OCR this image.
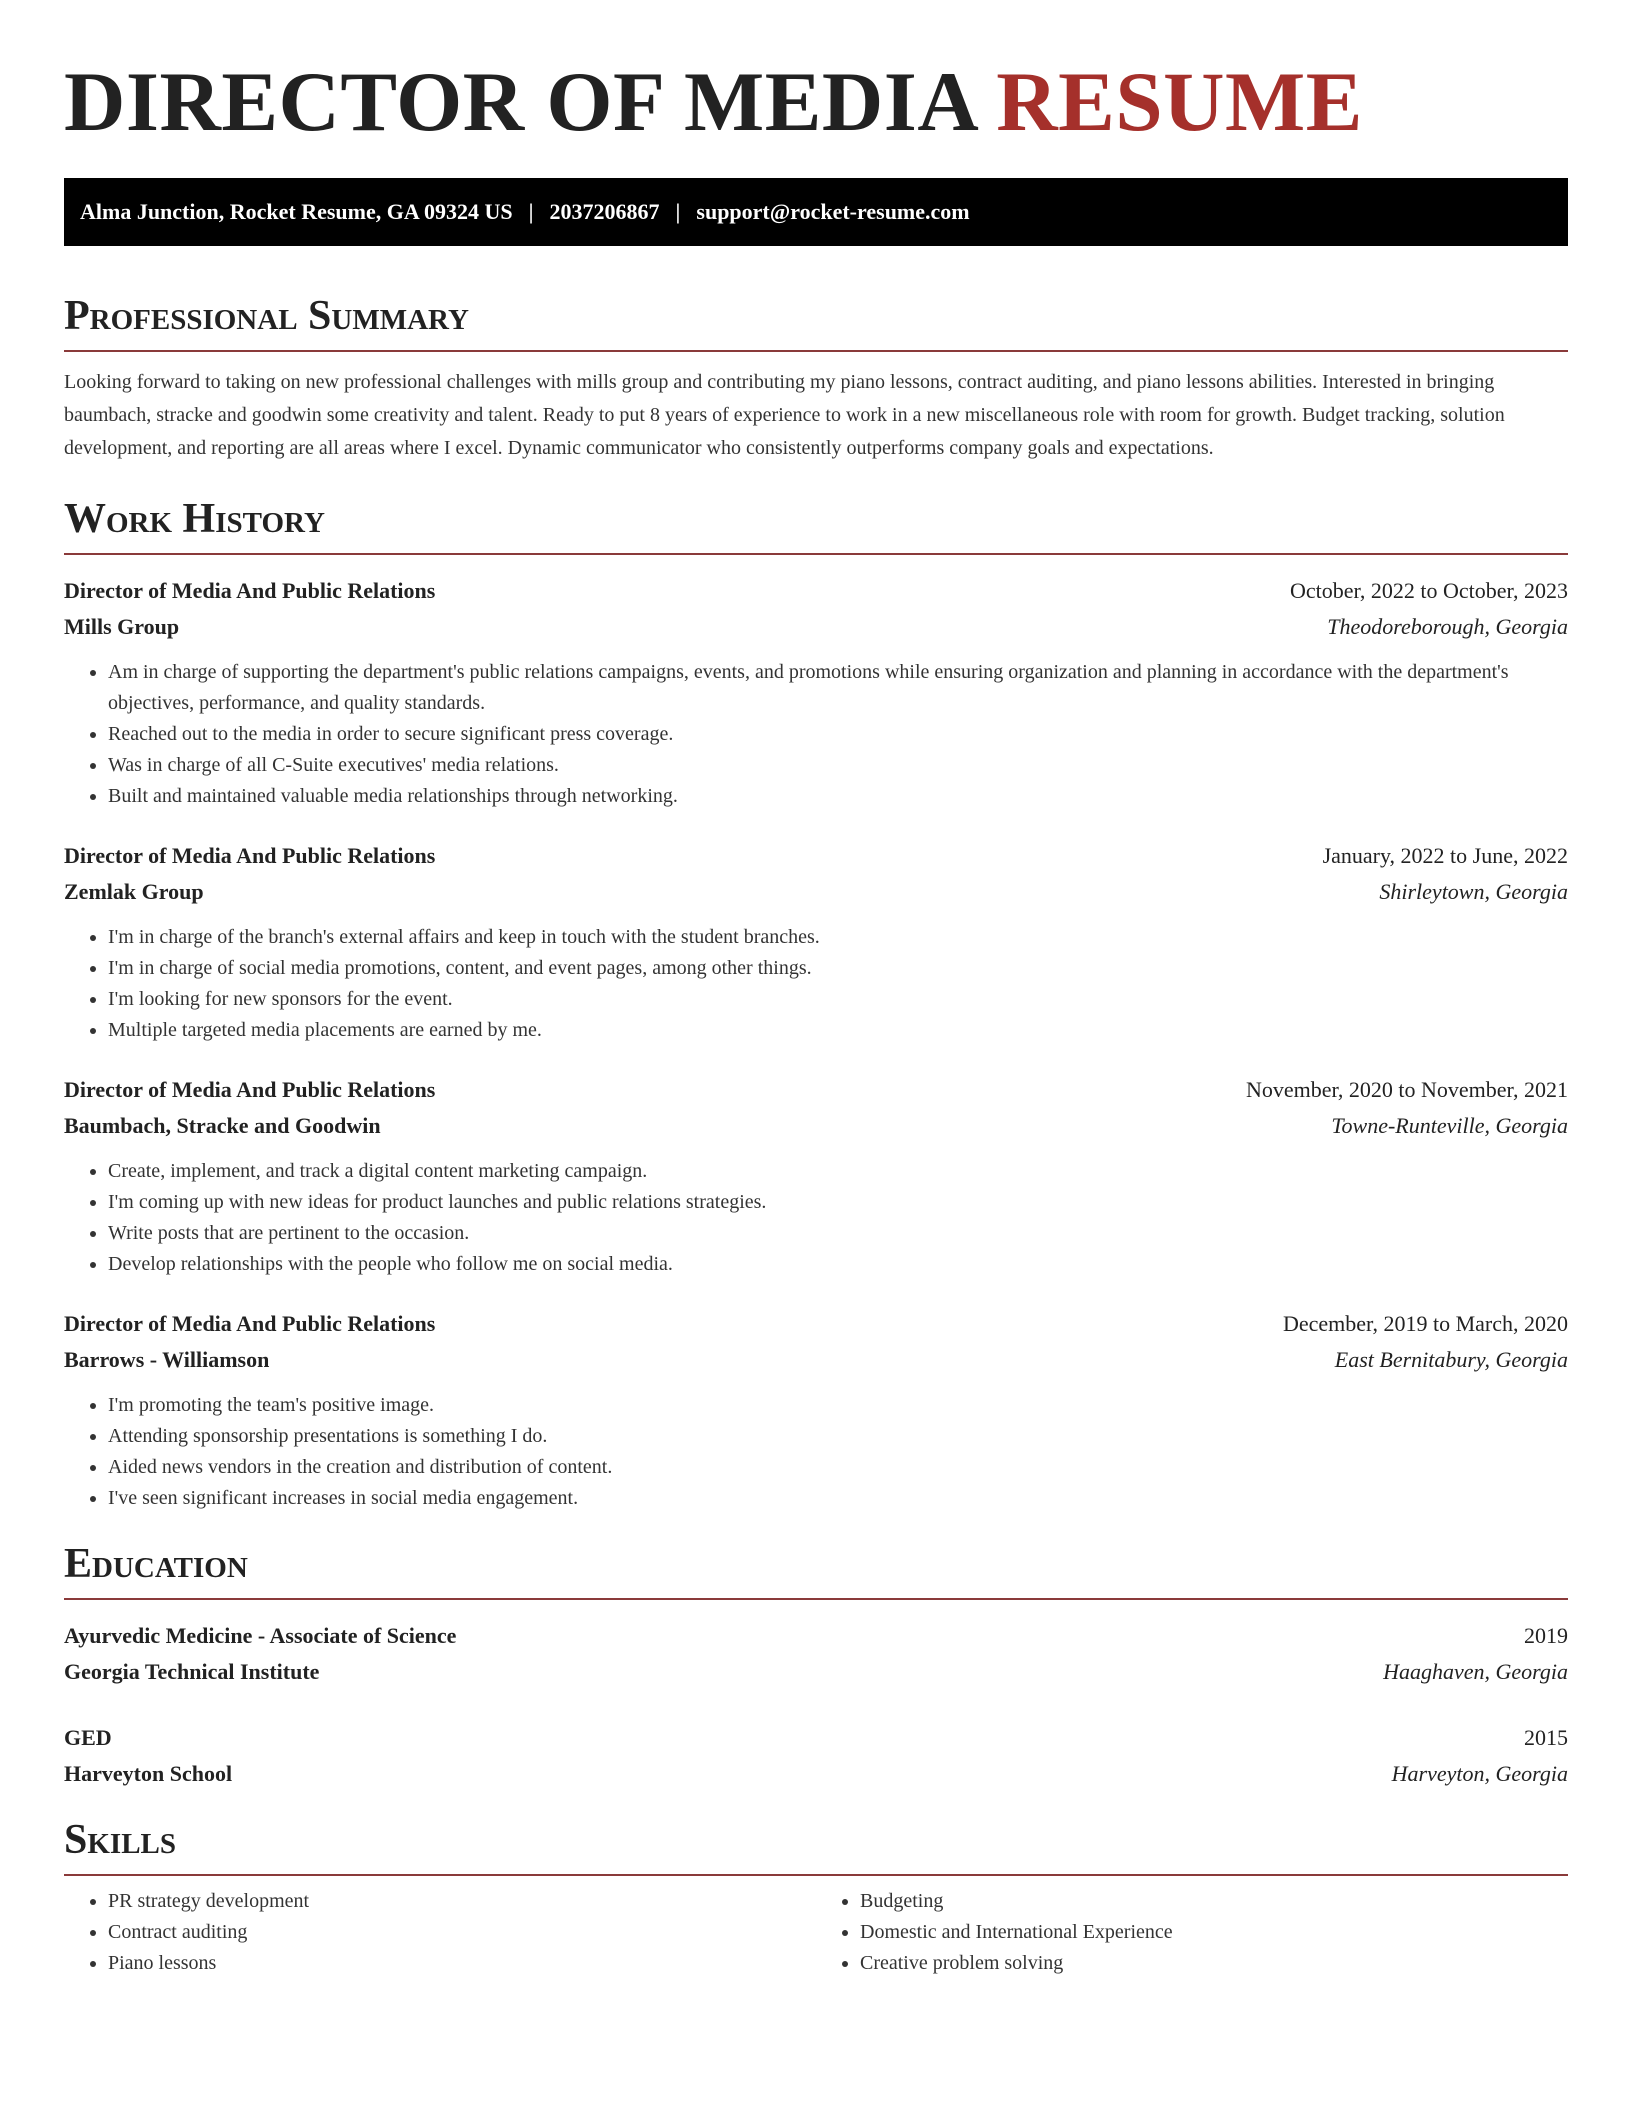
DIRECTOR OF MEDIA RESUME
Alma Junction, Rocket Resume, GA 09324 US | 2037206867 | support@rocket-resume.com
Professional Summary

Looking forward to taking on new professional challenges with mills group and contributing my piano lessons, contract auditing, and piano lessons abilities. Interested in bringing baumbach, stracke and goodwin some creativity and talent. Ready to put 8 years of experience to work in a new miscellaneous role with room for growth. Budget tracking, solution development, and reporting are all areas where I excel. Dynamic communicator who consistently outperforms company goals and expectations.

Work History
Director of Media And Public Relations	October, 2022 to October, 2023
Mills Group	Theodoreborough, Georgia
• Am in charge of supporting the department's public relations campaigns, events, and promotions while ensuring organization and planning in accordance with the department's objectives, performance, and quality standards.
• Reached out to the media in order to secure significant press coverage.
• Was in charge of all C-Suite executives' media relations.
• Built and maintained valuable media relationships through networking.
Director of Media And Public Relations	January, 2022 to June, 2022
Zemlak Group	Shirleytown, Georgia
• I'm in charge of the branch's external affairs and keep in touch with the student branches.
• I'm in charge of social media promotions, content, and event pages, among other things.
• I'm looking for new sponsors for the event.
• Multiple targeted media placements are earned by me.
Director of Media And Public Relations	November, 2020 to November, 2021
Baumbach, Stracke and Goodwin	Towne-Runteville, Georgia
• Create, implement, and track a digital content marketing campaign.
• I'm coming up with new ideas for product launches and public relations strategies.
• Write posts that are pertinent to the occasion.
• Develop relationships with the people who follow me on social media.
Director of Media And Public Relations	December, 2019 to March, 2020
Barrows - Williamson	East Bernitabury, Georgia
• I'm promoting the team's positive image.
• Attending sponsorship presentations is something I do.
• Aided news vendors in the creation and distribution of content.
• I've seen significant increases in social media engagement.
Education
Ayurvedic Medicine - Associate of Science	2019
Georgia Technical Institute	Haaghaven, Georgia
GED	2015
Harveyton School	Harveyton, Georgia
Skills
• PR strategy development
• Contract auditing
• Piano lessons
• Budgeting
• Domestic and International Experience
• Creative problem solving
